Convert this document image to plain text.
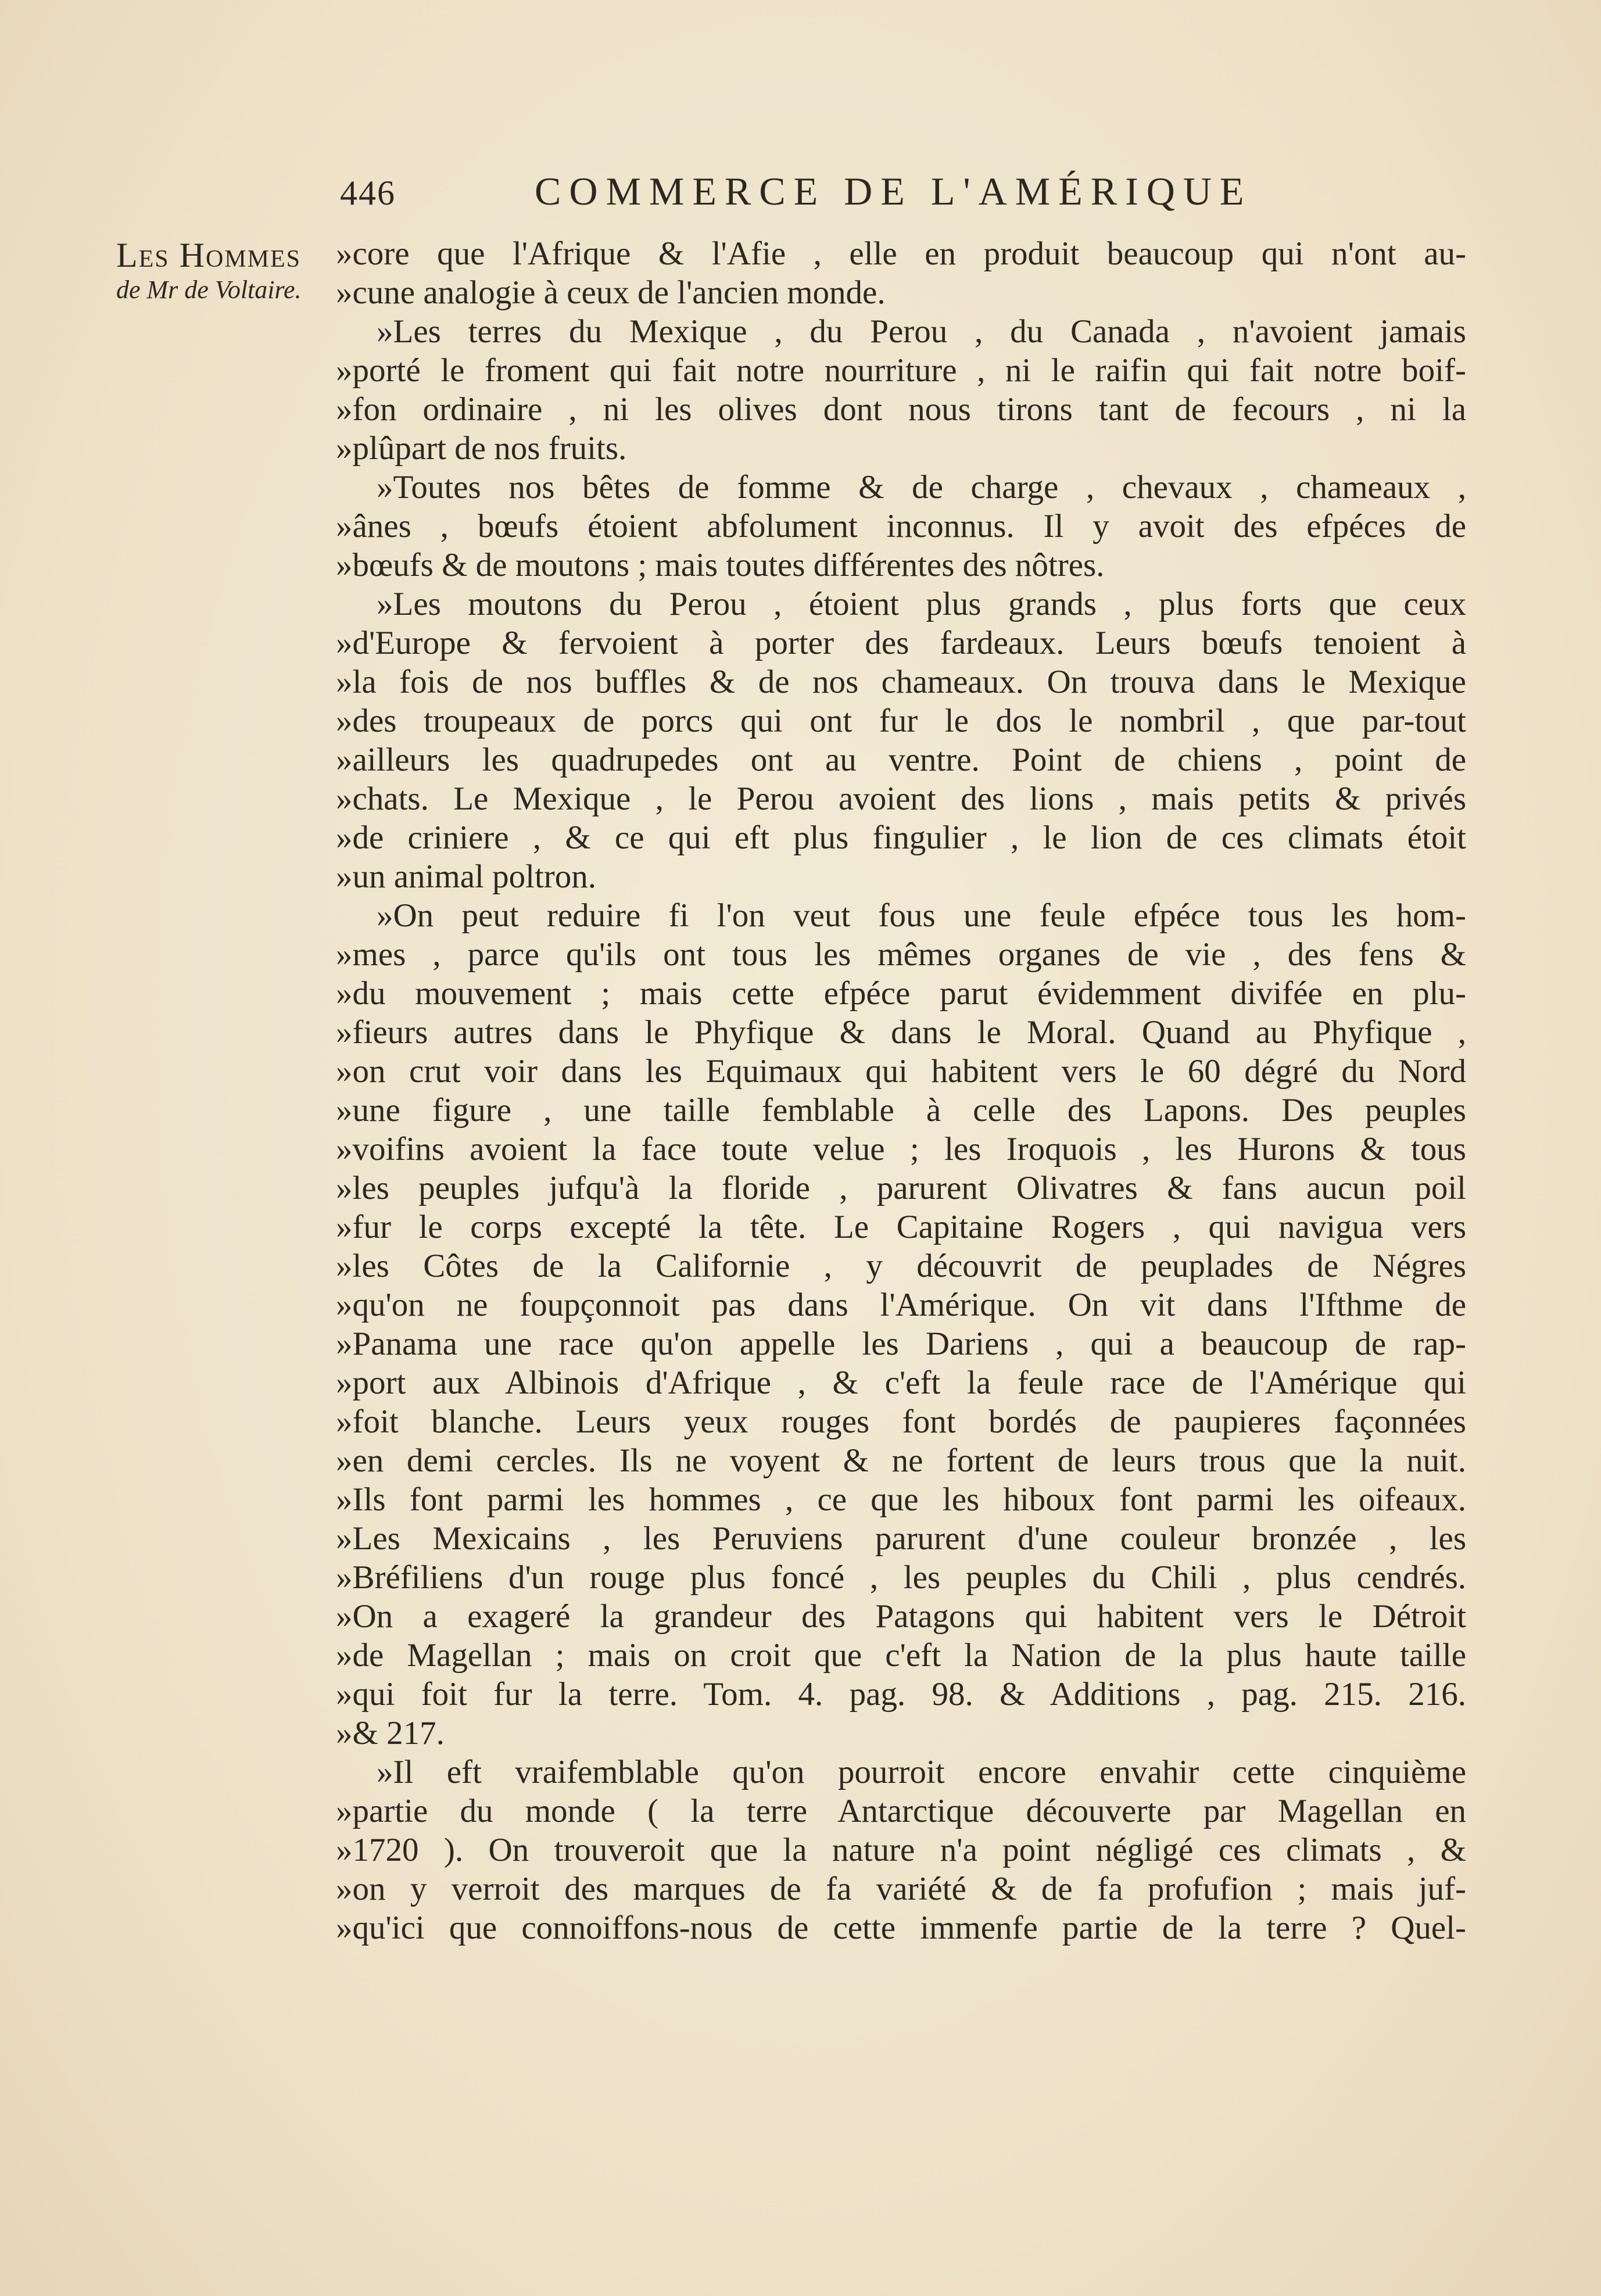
446	COMMERCE DE L'AMÉRIQUE
Les Hommes
de Mr de Voltaire.
»core que l'Afrique & l'Afie , elle en produit beaucoup qui n'ont au-
»cune analogie à ceux de l'ancien monde.
»Les terres du Mexique , du Perou , du Canada , n'avoient jamais
»porté le froment qui fait notre nourriture , ni le raifin qui fait notre boif-
»fon ordinaire , ni les olives dont nous tirons tant de fecours , ni la
»plûpart de nos fruits.
»Toutes nos bêtes de fomme & de charge , chevaux , chameaux ,
»ânes , bœufs étoient abfolument inconnus. Il y avoit des efpéces de
»bœufs & de moutons ; mais toutes différentes des nôtres.
»Les moutons du Perou , étoient plus grands , plus forts que ceux
»d'Europe & fervoient à porter des fardeaux. Leurs bœufs tenoient à
»la fois de nos buffles & de nos chameaux. On trouva dans le Mexique
»des troupeaux de porcs qui ont fur le dos le nombril , que par-tout
»ailleurs les quadrupedes ont au ventre. Point de chiens , point de
»chats. Le Mexique , le Perou avoient des lions , mais petits & privés
»de criniere , & ce qui eft plus fingulier , le lion de ces climats étoit
»un animal poltron.
»On peut reduire fi l'on veut fous une feule efpéce tous les hom-
»mes , parce qu'ils ont tous les mêmes organes de vie , des fens &
»du mouvement ; mais cette efpéce parut évidemment divifée en plu-
»fieurs autres dans le Phyfique & dans le Moral. Quand au Phyfique ,
»on crut voir dans les Equimaux qui habitent vers le 60 dégré du Nord
»une figure , une taille femblable à celle des Lapons. Des peuples
»voifins avoient la face toute velue ; les Iroquois , les Hurons & tous
»les peuples jufqu'à la floride , parurent Olivatres & fans aucun poil
»fur le corps excepté la tête. Le Capitaine Rogers , qui navigua vers
»les Côtes de la Californie , y découvrit de peuplades de Négres
»qu'on ne foupçonnoit pas dans l'Amérique. On vit dans l'Ifthme de
»Panama une race qu'on appelle les Dariens , qui a beaucoup de rap-
»port aux Albinois d'Afrique , & c'eft la feule race de l'Amérique qui
»foit blanche. Leurs yeux rouges font bordés de paupieres façonnées
»en demi cercles. Ils ne voyent & ne fortent de leurs trous que la nuit.
»Ils font parmi les hommes , ce que les hiboux font parmi les oifeaux.
»Les Mexicains , les Peruviens parurent d'une couleur bronzée , les
»Bréfiliens d'un rouge plus foncé , les peuples du Chili , plus cendrés.
»On a exageré la grandeur des Patagons qui habitent vers le Détroit
»de Magellan ; mais on croit que c'eft la Nation de la plus haute taille
»qui foit fur la terre. Tom. 4. pag. 98. & Additions , pag. 215. 216.
»& 217.
»Il eft vraifemblable qu'on pourroit encore envahir cette cinquième
»partie du monde ( la terre Antarctique découverte par Magellan en
»1720 ). On trouveroit que la nature n'a point négligé ces climats , &
»on y verroit des marques de fa variété & de fa profufion ; mais juf-
»qu'ici que connoiffons-nous de cette immenfe partie de la terre ? Quel-
